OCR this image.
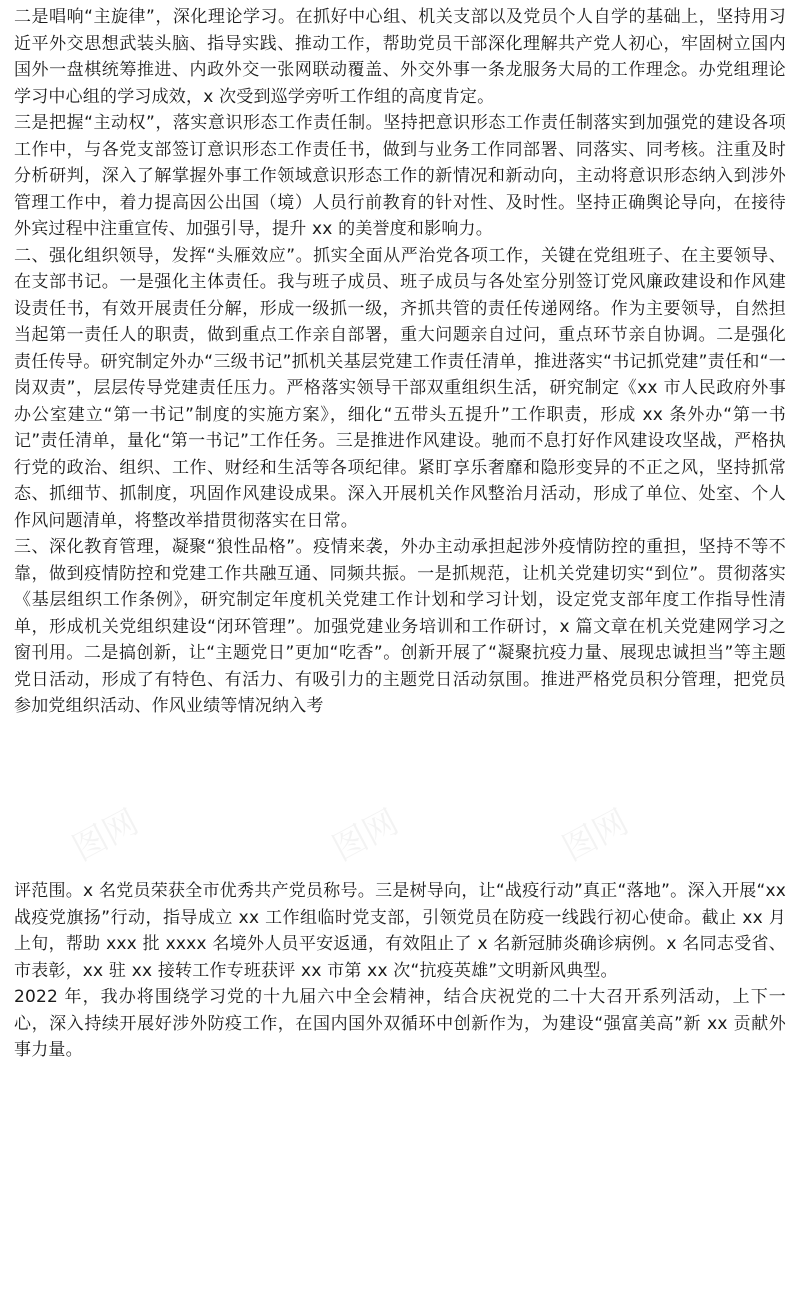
二是唱响“主旋律”，深化理论学习。在抓好中心组、机关支部以及党员个人自学的基础上，坚持用习近平外交思想武装头脑、指导实践、推动工作，帮助党员干部深化理解共产党人初心，牢固树立国内国外一盘棋统筹推进、内政外交一张网联动覆盖、外交外事一条龙服务大局的工作理念。办党组理论学习中心组的学习成效，x 次受到巡学旁听工作组的高度肯定。

三是把握“主动权”，落实意识形态工作责任制。坚持把意识形态工作责任制落实到加强党的建设各项工作中，与各党支部签订意识形态工作责任书，做到与业务工作同部署、同落实、同考核。注重及时分析研判，深入了解掌握外事工作领域意识形态工作的新情况和新动向，主动将意识形态纳入到涉外管理工作中，着力提高因公出国（境）人员行前教育的针对性、及时性。坚持正确舆论导向，在接待外宾过程中注重宣传、加强引导，提升 xx 的美誉度和影响力。

二、强化组织领导，发挥“头雁效应”。抓实全面从严治党各项工作，关键在党组班子、在主要领导、在支部书记。一是强化主体责任。我与班子成员、班子成员与各处室分别签订党风廉政建设和作风建设责任书，有效开展责任分解，形成一级抓一级，齐抓共管的责任传递网络。作为主要领导，自然担当起第一责任人的职责，做到重点工作亲自部署，重大问题亲自过问，重点环节亲自协调。二是强化责任传导。研究制定外办“三级书记”抓机关基层党建工作责任清单，推进落实“书记抓党建”责任和“一岗双责”，层层传导党建责任压力。严格落实领导干部双重组织生活，研究制定《xx 市人民政府外事办公室建立“第一书记”制度的实施方案》，细化“五带头五提升”工作职责，形成 xx 条外办“第一书记”责任清单，量化“第一书记”工作任务。三是推进作风建设。驰而不息打好作风建设攻坚战，严格执行党的政治、组织、工作、财经和生活等各项纪律。紧盯享乐奢靡和隐形变异的不正之风，坚持抓常态、抓细节、抓制度，巩固作风建设成果。深入开展机关作风整治月活动，形成了单位、处室、个人作风问题清单，将整改举措贯彻落实在日常。

三、深化教育管理，凝聚“狼性品格”。疫情来袭，外办主动承担起涉外疫情防控的重担，坚持不等不靠，做到疫情防控和党建工作共融互通、同频共振。一是抓规范，让机关党建切实“到位”。贯彻落实《基层组织工作条例》，研究制定年度机关党建工作计划和学习计划，设定党支部年度工作指导性清单，形成机关党组织建设“闭环管理”。加强党建业务培训和工作研讨，x 篇文章在机关党建网学习之窗刊用。二是搞创新，让“主题党日”更加“吃香”。创新开展了“凝聚抗疫力量、展现忠诚担当”等主题党日活动，形成了有特色、有活力、有吸引力的主题党日活动氛围。推进严格党员积分管理，把党员参加党组织活动、作风业绩等情况纳入考

评范围。x 名党员荣获全市优秀共产党员称号。三是树导向，让“战疫行动”真正“落地”。深入开展“xx 战疫党旗扬”行动，指导成立 xx 工作组临时党支部，引领党员在防疫一线践行初心使命。截止 xx 月上旬，帮助 xxx 批 xxxx 名境外人员平安返通，有效阻止了 x 名新冠肺炎确诊病例。x 名同志受省、市表彰，xx 驻 xx 接转工作专班获评 xx 市第 xx 次“抗疫英雄”文明新风典型。

2022 年，我办将围绕学习党的十九届六中全会精神，结合庆祝党的二十大召开系列活动，上下一心，深入持续开展好涉外防疫工作，在国内国外双循环中创新作为，为建设“强富美高”新 xx 贡献外事力量。
